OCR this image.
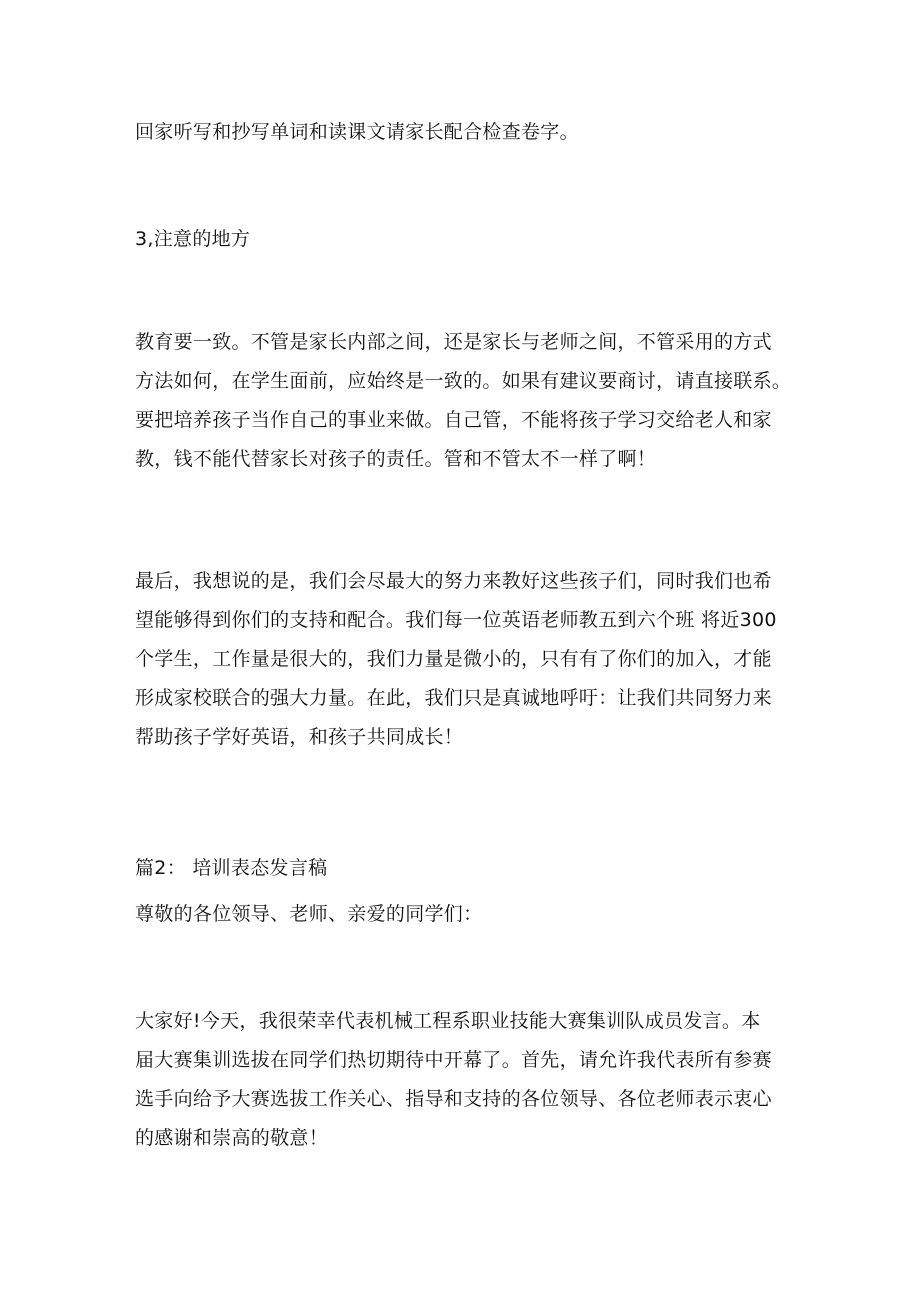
回家听写和抄写单词和读课文请家长配合检查卷字。

3,注意的地方

教育要一致。不管是家长内部之间，还是家长与老师之间，不管采用的方式
方法如何，在学生面前，应始终是一致的。如果有建议要商讨，请直接联系。
要把培养孩子当作自己的事业来做。自己管，不能将孩子学习交给老人和家
教，钱不能代替家长对孩子的责任。管和不管太不一样了啊！

最后，我想说的是，我们会尽最大的努力来教好这些孩子们，同时我们也希
望能够得到你们的支持和配合。我们每一位英语老师教五到六个班 将近300
个学生，工作量是很大的，我们力量是微小的，只有有了你们的加入，才能
形成家校联合的强大力量。在此，我们只是真诚地呼吁：让我们共同努力来
帮助孩子学好英语，和孩子共同成长！

篇2： 培训表态发言稿

尊敬的各位领导、老师、亲爱的同学们：

大家好!今天，我很荣幸代表机械工程系职业技能大赛集训队成员发言。本
届大赛集训选拔在同学们热切期待中开幕了。首先，请允许我代表所有参赛
选手向给予大赛选拔工作关心、指导和支持的各位领导、各位老师表示衷心
的感谢和崇高的敬意！
